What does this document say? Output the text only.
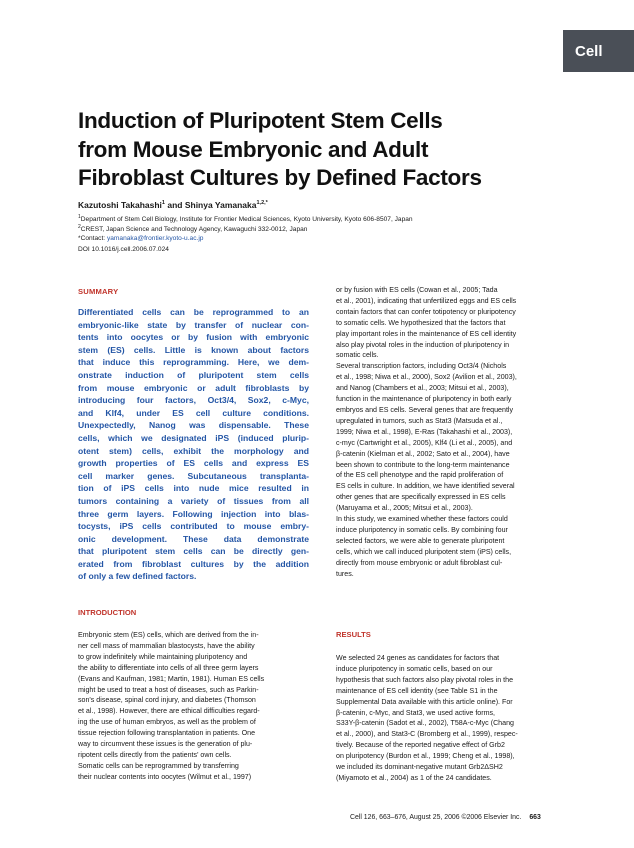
Cell
Induction of Pluripotent Stem Cells
from Mouse Embryonic and Adult
Fibroblast Cultures by Defined Factors
Kazutoshi Takahashi$^1$ and Shinya Yamanaka$^{1,2,*}$
$^1$Department of Stem Cell Biology, Institute for Frontier Medical Sciences, Kyoto University, Kyoto 606-8507, Japan
$^2$CREST, Japan Science and Technology Agency, Kawaguchi 332-0012, Japan
*Contact: yamanaka@frontier.kyoto-u.ac.jp
DOI 10.1016/j.cell.2006.07.024
SUMMARY
Differentiated cells can be reprogrammed to an
embryonic-like state by transfer of nuclear con-
tents into oocytes or by fusion with embryonic
stem (ES) cells. Little is known about factors
that induce this reprogramming. Here, we dem-
onstrate induction of pluripotent stem cells
from mouse embryonic or adult fibroblasts by
introducing four factors, Oct3/4, Sox2, c-Myc,
and Klf4, under ES cell culture conditions.
Unexpectedly, Nanog was dispensable. These
cells, which we designated iPS (induced plurip-
otent stem) cells, exhibit the morphology and
growth properties of ES cells and express ES
cell marker genes. Subcutaneous transplanta-
tion of iPS cells into nude mice resulted in
tumors containing a variety of tissues from all
three germ layers. Following injection into blas-
tocysts, iPS cells contributed to mouse embry-
onic development. These data demonstrate
that pluripotent stem cells can be directly gen-
erated from fibroblast cultures by the addition
of only a few defined factors.
INTRODUCTION
Embryonic stem (ES) cells, which are derived from the in-
ner cell mass of mammalian blastocysts, have the ability
to grow indefinitely while maintaining pluripotency and
the ability to differentiate into cells of all three germ layers
(Evans and Kaufman, 1981; Martin, 1981). Human ES cells
might be used to treat a host of diseases, such as Parkin-
son's disease, spinal cord injury, and diabetes (Thomson
et al., 1998). However, there are ethical difficulties regard-
ing the use of human embryos, as well as the problem of
tissue rejection following transplantation in patients. One
way to circumvent these issues is the generation of plu-
ripotent cells directly from the patients' own cells.
Somatic cells can be reprogrammed by transferring
their nuclear contents into oocytes (Wilmut et al., 1997)
or by fusion with ES cells (Cowan et al., 2005; Tada
et al., 2001), indicating that unfertilized eggs and ES cells
contain factors that can confer totipotency or pluripotency
to somatic cells. We hypothesized that the factors that
play important roles in the maintenance of ES cell identity
also play pivotal roles in the induction of pluripotency in
somatic cells.
Several transcription factors, including Oct3/4 (Nichols
et al., 1998; Niwa et al., 2000), Sox2 (Avilion et al., 2003),
and Nanog (Chambers et al., 2003; Mitsui et al., 2003),
function in the maintenance of pluripotency in both early
embryos and ES cells. Several genes that are frequently
upregulated in tumors, such as Stat3 (Matsuda et al.,
1999; Niwa et al., 1998), E-Ras (Takahashi et al., 2003),
c-myc (Cartwright et al., 2005), Klf4 (Li et al., 2005), and
β-catenin (Kielman et al., 2002; Sato et al., 2004), have
been shown to contribute to the long-term maintenance
of the ES cell phenotype and the rapid proliferation of
ES cells in culture. In addition, we have identified several
other genes that are specifically expressed in ES cells
(Maruyama et al., 2005; Mitsui et al., 2003).
In this study, we examined whether these factors could
induce pluripotency in somatic cells. By combining four
selected factors, we were able to generate pluripotent
cells, which we call induced pluripotent stem (iPS) cells,
directly from mouse embryonic or adult fibroblast cul-
tures.
RESULTS
We selected 24 genes as candidates for factors that
induce pluripotency in somatic cells, based on our
hypothesis that such factors also play pivotal roles in the
maintenance of ES cell identity (see Table S1 in the
Supplemental Data available with this article online). For
β-catenin, c-Myc, and Stat3, we used active forms,
S33Y-β-catenin (Sadot et al., 2002), T58A-c-Myc (Chang
et al., 2000), and Stat3-C (Bromberg et al., 1999), respec-
tively. Because of the reported negative effect of Grb2
on pluripotency (Burdon et al., 1999; Cheng et al., 1998),
we included its dominant-negative mutant Grb2ΔSH2
(Miyamoto et al., 2004) as 1 of the 24 candidates.
Cell 126, 663–676, August 25, 2006 ©2006 Elsevier Inc. 663
